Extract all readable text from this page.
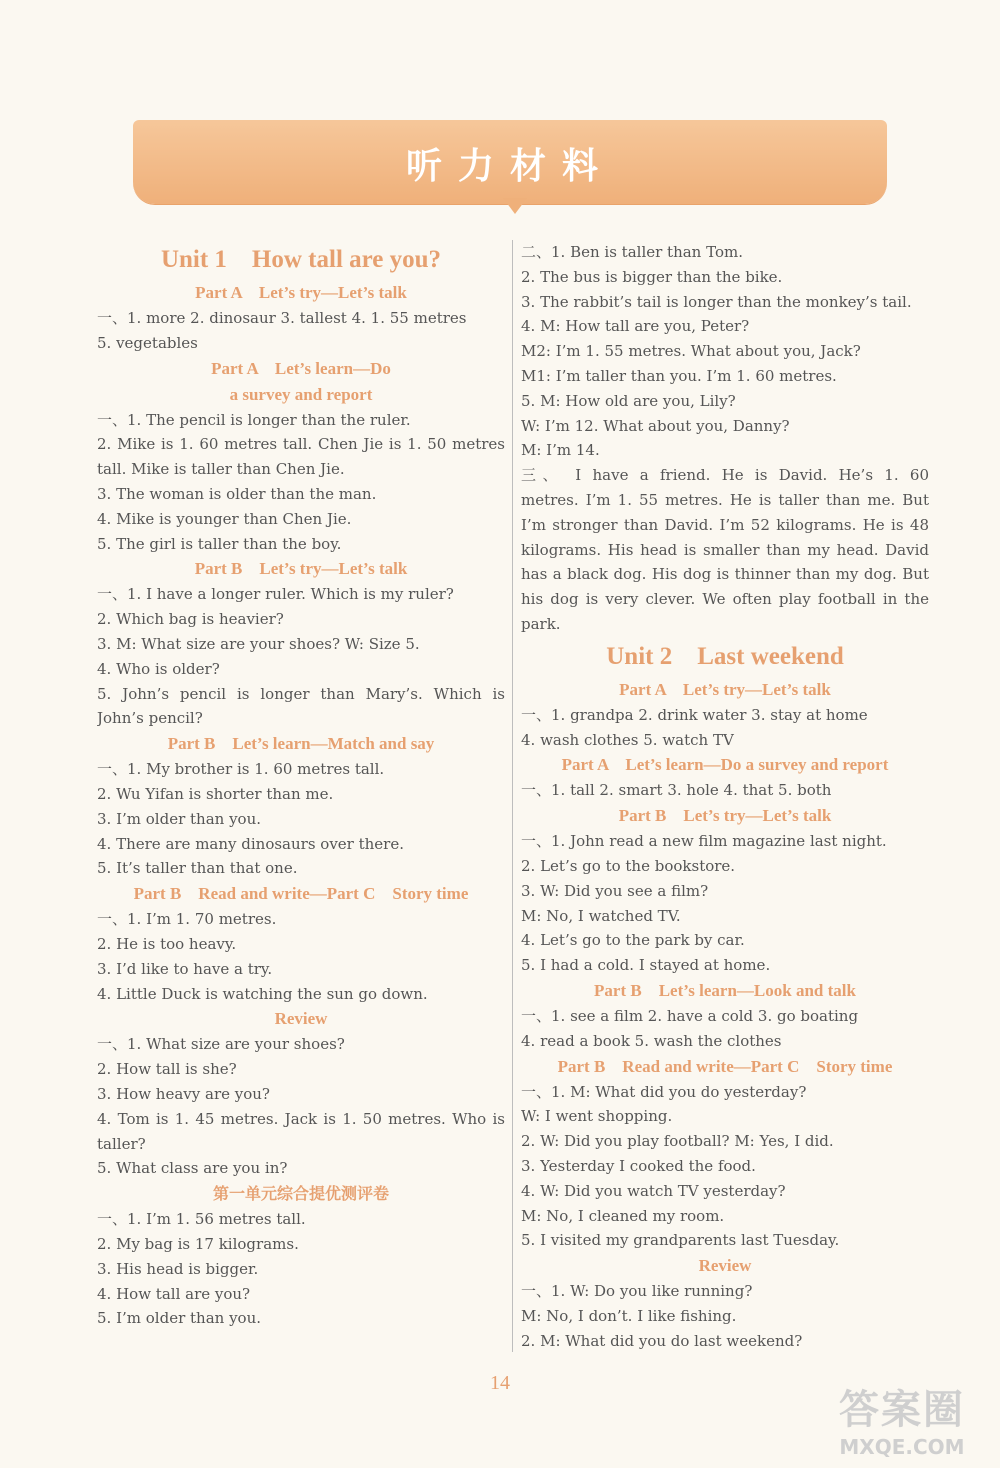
听力材料
Unit 1    How tall are you?
Part A    Let’s try—Let’s talk
一、1. more 2. dinosaur 3. tallest 4. 1. 55 metres
5. vegetables
Part A    Let’s learn—Do
a survey and report
一、1. The pencil is longer than the ruler.
2. Mike is 1. 60 metres tall. Chen Jie is 1. 50 metres
tall. Mike is taller than Chen Jie.
3. The woman is older than the man.
4. Mike is younger than Chen Jie.
5. The girl is taller than the boy.
Part B    Let’s try—Let’s talk
一、1. I have a longer ruler. Which is my ruler?
2. Which bag is heavier?
3. M: What size are your shoes? W: Size 5.
4. Who is older?
5. John’s pencil is longer than Mary’s. Which is
John’s pencil?
Part B    Let’s learn—Match and say
一、1. My brother is 1. 60 metres tall.
2. Wu Yifan is shorter than me.
3. I’m older than you.
4. There are many dinosaurs over there.
5. It’s taller than that one.
Part B    Read and write—Part C    Story time
一、1. I’m 1. 70 metres.
2. He is too heavy.
3. I’d like to have a try.
4. Little Duck is watching the sun go down.
Review
一、1. What size are your shoes?
2. How tall is she?
3. How heavy are you?
4. Tom is 1. 45 metres. Jack is 1. 50 metres. Who is
taller?
5. What class are you in?
第一单元综合提优测评卷
一、1. I’m 1. 56 metres tall.
2. My bag is 17 kilograms.
3. His head is bigger.
4. How tall are you?
5. I’m older than you.
二、1. Ben is taller than Tom.
2. The bus is bigger than the bike.
3. The rabbit’s tail is longer than the monkey’s tail.
4. M: How tall are you, Peter?
M2: I’m 1. 55 metres. What about you, Jack?
M1: I’m taller than you. I’m 1. 60 metres.
5. M: How old are you, Lily?
W: I’m 12. What about you, Danny?
M: I’m 14.
三、 I have a friend. He is David. He’s 1. 60
metres. I’m 1. 55 metres. He is taller than me. But
I’m stronger than David. I’m 52 kilograms. He is 48
kilograms. His head is smaller than my head. David
has a black dog. His dog is thinner than my dog. But
his dog is very clever. We often play football in the
park.
Unit 2    Last weekend
Part A    Let’s try—Let’s talk
一、1. grandpa 2. drink water 3. stay at home
4. wash clothes 5. watch TV
Part A    Let’s learn—Do a survey and report
一、1. tall 2. smart 3. hole 4. that 5. both
Part B    Let’s try—Let’s talk
一、1. John read a new film magazine last night.
2. Let’s go to the bookstore.
3. W: Did you see a film?
M: No, I watched TV.
4. Let’s go to the park by car.
5. I had a cold. I stayed at home.
Part B    Let’s learn—Look and talk
一、1. see a film 2. have a cold 3. go boating
4. read a book 5. wash the clothes
Part B    Read and write—Part C    Story time
一、1. M: What did you do yesterday?
W: I went shopping.
2. W: Did you play football? M: Yes, I did.
3. Yesterday I cooked the food.
4. W: Did you watch TV yesterday?
M: No, I cleaned my room.
5. I visited my grandparents last Tuesday.
Review
一、1. W: Do you like running?
M: No, I don’t. I like fishing.
2. M: What did you do last weekend?
14
答案圈
MXQE.COM
